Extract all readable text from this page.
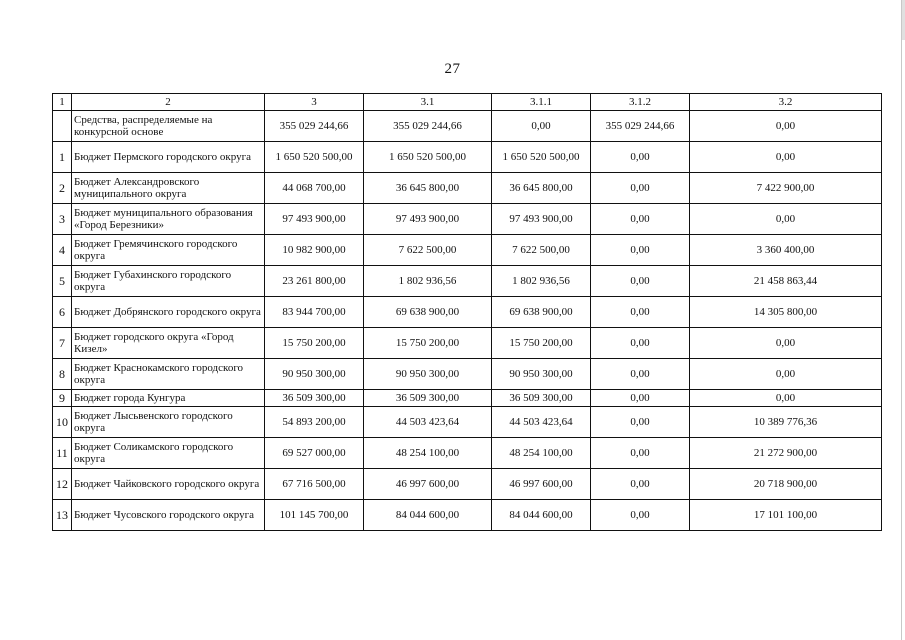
27
1	2	3	3.1	3.1.1	3.1.2	3.2
	Средства, распределяемые на конкурсной основе	355 029 244,66	355 029 244,66	0,00	355 029 244,66	0,00
1	Бюджет Пермского городского округа	1 650 520 500,00	1 650 520 500,00	1 650 520 500,00	0,00	0,00
2	Бюджет Александровского муниципального округа	44 068 700,00	36 645 800,00	36 645 800,00	0,00	7 422 900,00
3	Бюджет муниципального образования «Город Березники»	97 493 900,00	97 493 900,00	97 493 900,00	0,00	0,00
4	Бюджет Гремячинского городского округа	10 982 900,00	7 622 500,00	7 622 500,00	0,00	3 360 400,00
5	Бюджет Губахинского городского округа	23 261 800,00	1 802 936,56	1 802 936,56	0,00	21 458 863,44
6	Бюджет Добрянского городского округа	83 944 700,00	69 638 900,00	69 638 900,00	0,00	14 305 800,00
7	Бюджет городского округа «Город Кизел»	15 750 200,00	15 750 200,00	15 750 200,00	0,00	0,00
8	Бюджет Краснокамского городского округа	90 950 300,00	90 950 300,00	90 950 300,00	0,00	0,00
9	Бюджет города Кунгура	36 509 300,00	36 509 300,00	36 509 300,00	0,00	0,00
10	Бюджет Лысьвенского городского округа	54 893 200,00	44 503 423,64	44 503 423,64	0,00	10 389 776,36
11	Бюджет Соликамского городского округа	69 527 000,00	48 254 100,00	48 254 100,00	0,00	21 272 900,00
12	Бюджет Чайковского городского округа	67 716 500,00	46 997 600,00	46 997 600,00	0,00	20 718 900,00
13	Бюджет Чусовского городского округа	101 145 700,00	84 044 600,00	84 044 600,00	0,00	17 101 100,00
